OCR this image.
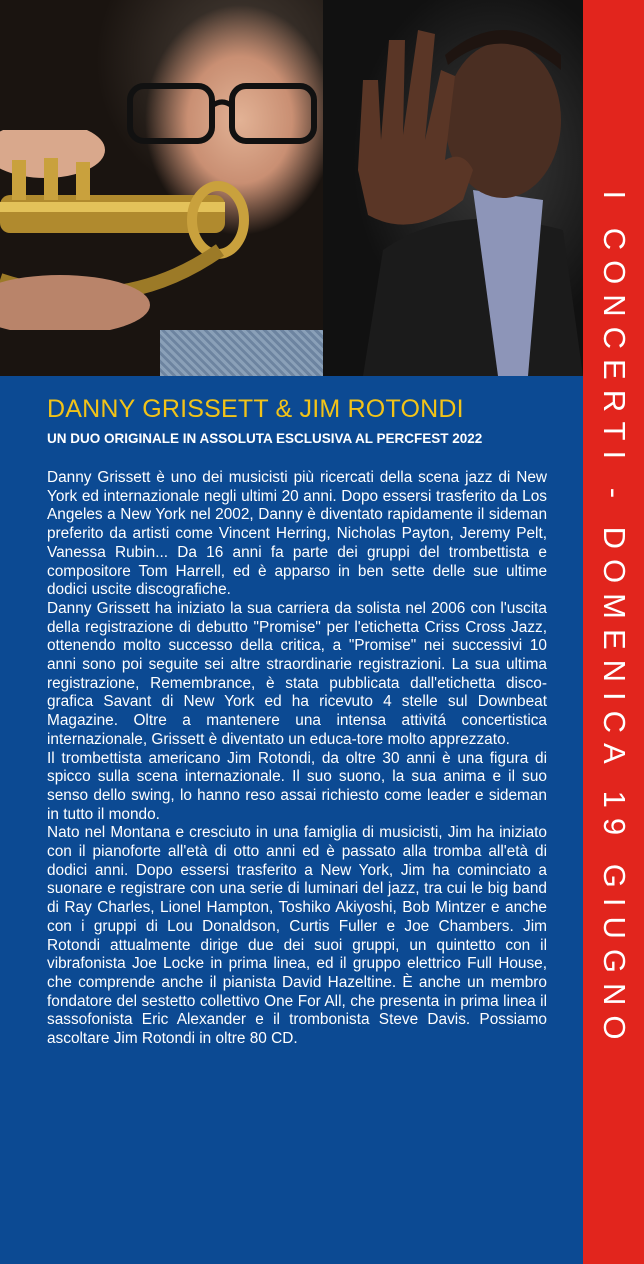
I CONCERTI - DOMENICA 19 GIUGNO
DANNY GRISSETT & JIM ROTONDI
UN DUO ORIGINALE IN ASSOLUTA ESCLUSIVA AL PERCFEST 2022

Danny Grissett è uno dei musicisti più ricercati della scena jazz di New York ed internazionale negli ultimi 20 anni. Dopo essersi trasferito da Los Angeles a New York nel 2002, Danny è diventato rapidamente il sideman preferito da artisti come Vincent Herring, Nicholas Payton, Jeremy Pelt, Vanessa Rubin... Da 16 anni fa parte dei gruppi del trombettista e compositore Tom Harrell, ed è apparso in ben sette delle sue ultime dodici uscite discografiche.

Danny Grissett ha iniziato la sua carriera da solista nel 2006 con l'uscita della registrazione di debutto "Promise" per l'etichetta Criss Cross Jazz, ottenendo molto successo della critica, a "Promise" nei successivi 10 anni sono poi seguite sei altre straordinarie registrazioni. La sua ultima registrazione, Remembrance, è stata pubblicata dall'etichetta disco-grafica Savant di New York ed ha ricevuto 4 stelle sul Downbeat Magazine. Oltre a mantenere una intensa attivitá concertistica internazionale, Grissett è diventato un educa-tore molto apprezzato.

Il trombettista americano Jim Rotondi, da oltre 30 anni è una figura di spicco sulla scena internazionale. Il suo suono, la sua anima e il suo senso dello swing, lo hanno reso assai richiesto come leader e sideman in tutto il mondo.

Nato nel Montana e cresciuto in una famiglia di musicisti, Jim ha iniziato con il pianoforte all'età di otto anni ed è passato alla tromba all'età di dodici anni. Dopo essersi trasferito a New York, Jim ha cominciato a suonare e registrare con una serie di luminari del jazz, tra cui le big band di Ray Charles, Lionel Hampton, Toshiko Akiyoshi, Bob Mintzer e anche con i gruppi di Lou Donaldson, Curtis Fuller e Joe Chambers. Jim Rotondi attualmente dirige due dei suoi gruppi, un quintetto con il vibrafonista Joe Locke in prima linea, ed il gruppo elettrico Full House, che comprende anche il pianista David Hazeltine. È anche un membro fondatore del sestetto collettivo One For All, che presenta in prima linea il sassofonista Eric Alexander e il trombonista Steve Davis. Possiamo ascoltare Jim Rotondi in oltre 80 CD.
